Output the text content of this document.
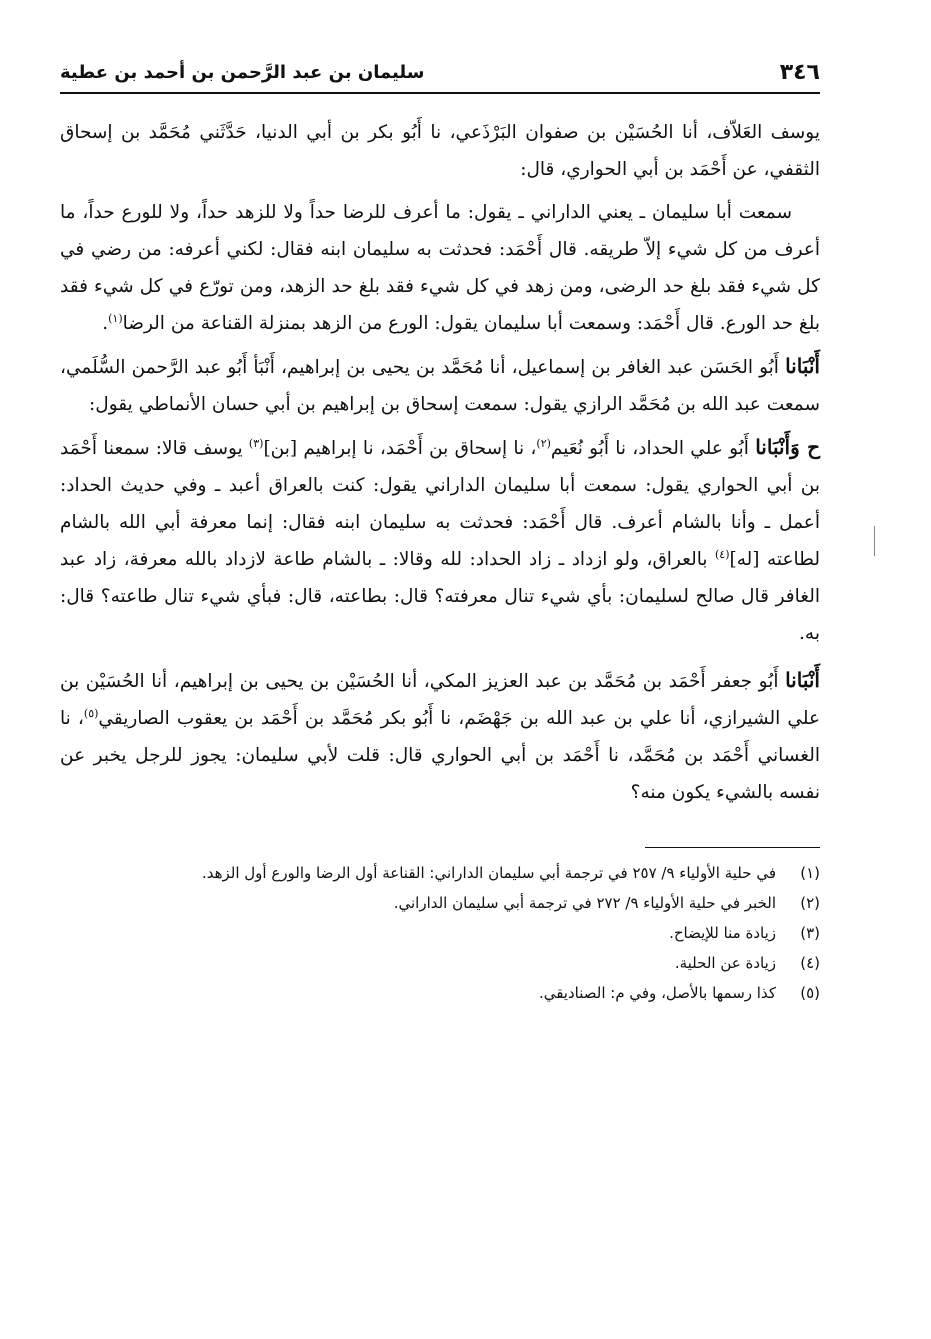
٣٤٦
سليمان بن عبد الرَّحمن بن أحمد بن عطية

يوسف العَلاّف، أنا الحُسَيْن بن صفوان البَرْذَعي، نا أَبُو بكر بن أبي الدنيا، حَدَّثَني مُحَمَّد بن إسحاق الثقفي، عن أَحْمَد بن أبي الحواري، قال:

سمعت أبا سليمان ـ يعني الداراني ـ يقول: ما أعرف للرضا حداً ولا للزهد حداً، ولا للورع حداً، ما أعرف من كل شيء إلاّ طريقه. قال أَحْمَد: فحدثت به سليمان ابنه فقال: لكني أعرفه: من رضي في كل شيء فقد بلغ حد الرضى، ومن زهد في كل شيء فقد بلغ حد الزهد، ومن تورّع في كل شيء فقد بلغ حد الورع. قال أَحْمَد: وسمعت أبا سليمان يقول: الورع من الزهد بمنزلة القناعة من الرضا$^{(١)}$.

أَنْبَانا أَبُو الحَسَن عبد الغافر بن إسماعيل، أنا مُحَمَّد بن يحيى بن إبراهيم، أَنْبَأ أَبُو عبد الرَّحمن السُّلَمي، سمعت عبد الله بن مُحَمَّد الرازي يقول: سمعت إسحاق بن إبراهيم بن أبي حسان الأنماطي يقول:

ح وَأَنْبَانا أَبُو علي الحداد، نا أَبُو نُعَيم$^{(٢)}$، نا إسحاق بن أَحْمَد، نا إبراهيم [بن]$^{(٣)}$ يوسف قالا: سمعنا أَحْمَد بن أبي الحواري يقول: سمعت أبا سليمان الداراني يقول: كنت بالعراق أعبد ـ وفي حديث الحداد: أعمل ـ وأنا بالشام أعرف. قال أَحْمَد: فحدثت به سليمان ابنه فقال: إنما معرفة أبي الله بالشام لطاعته [له]$^{(٤)}$ بالعراق، ولو ازداد ـ زاد الحداد: لله وقالا: ـ بالشام طاعة لازداد بالله معرفة، زاد عبد الغافر قال صالح لسليمان: بأي شيء تنال معرفته؟ قال: بطاعته، قال: فبأي شيء تنال طاعته؟ قال: به.

أَنْبَانا أَبُو جعفر أَحْمَد بن مُحَمَّد بن عبد العزيز المكي، أنا الحُسَيْن بن يحيى بن إبراهيم، أنا الحُسَيْن بن علي الشيرازي، أنا علي بن عبد الله بن جَهْضَم، نا أَبُو بكر مُحَمَّد بن أَحْمَد بن يعقوب الصاريقي$^{(٥)}$، نا الغساني أَحْمَد بن مُحَمَّد، نا أَحْمَد بن أبي الحواري قال: قلت لأبي سليمان: يجوز للرجل يخبر عن نفسه بالشيء يكون منه؟

(١)
في حلية الأولياء ٩/ ٢٥٧ في ترجمة أبي سليمان الداراني: القناعة أول الرضا والورع أول الزهد.
(٢)
الخبر في حلية الأولياء ٩/ ٢٧٢ في ترجمة أبي سليمان الداراني.
(٣)
زيادة منا للإيضاح.
(٤)
زيادة عن الحلية.
(٥)
كذا رسمها بالأصل، وفي م: الصناديقي.
